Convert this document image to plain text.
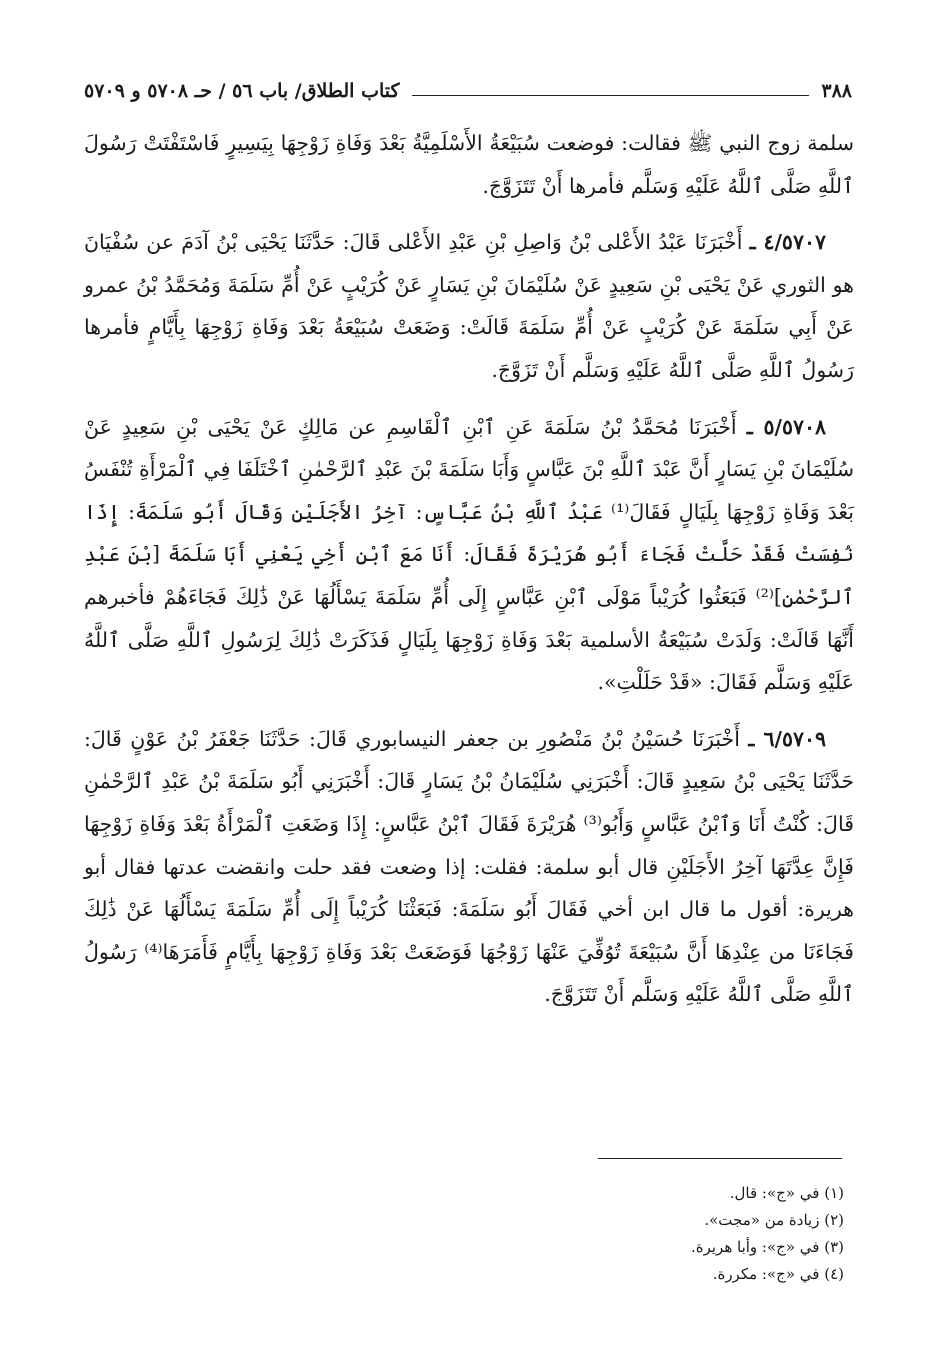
٣٨٨
كتاب الطلاق/ باب ٥٦ / حـ ٥٧٠٨ و ٥٧٠٩

سلمة زوج النبي ﷺ فقالت: فوضعت سُبَيْعَةُ الأَسْلَمِيَّةُ بَعْدَ وَفَاةِ زَوْجِهَا بِيَسِيرٍ فَاسْتَفْتَتْ رَسُولَ ٱللَّهِ صَلَّى ٱللَّهُ عَلَيْهِ وَسَلَّم فأمرها أَنْ تَتَزَوَّجَ.

٤/٥٧٠٧ ـ أَخْبَرَنَا عَبْدُ الأَعْلى بْنُ وَاصِلِ بْنِ عَبْدِ الأَعْلى قَالَ: حَدَّثَنَا يَحْيَى بْنُ آدَمَ عن سُفْيَانَ هو الثوري عَنْ يَحْيَى بْنِ سَعِيدٍ عَنْ سُلَيْمَانَ بْنِ يَسَارٍ عَنْ كُرَيْبٍ عَنْ أُمِّ سَلَمَةَ وَمُحَمَّدُ بْنُ عمرو عَنْ أَبِي سَلَمَةَ عَنْ كُرَيْبٍ عَنْ أُمِّ سَلَمَةَ قَالَتْ: وَضَعَتْ سُبَيْعَةُ بَعْدَ وَفَاةِ زَوْجِهَا بِأَيَّامٍ فأمرها رَسُولُ ٱللَّهِ صَلَّى ٱللَّهُ عَلَيْهِ وَسَلَّم أَنْ تَزَوَّجَ.

٥/٥٧٠٨ ـ أَخْبَرَنَا مُحَمَّدُ بْنُ سَلَمَةَ عَنِ ٱبْنِ ٱلْقَاسِمِ عن مَالِكٍ عَنْ يَحْيَى بْنِ سَعِيدٍ عَنْ سُلَيْمَانَ بْنِ يَسَارٍ أَنَّ عَبْدَ ٱللَّهِ بْنَ عَبَّاسٍ وَأَبَا سَلَمَةَ بْنَ عَبْدِ ٱلرَّحْمٰنِ ٱخْتَلَفَا فِي ٱلْمَرْأَةِ تُنْفَسُ بَعْدَ وَفَاةِ زَوْجِهَا بِلَيَالٍ فَقَالَ⁽¹⁾ عَبْدُ ٱللَّهِ بْنُ عَبَّاسٍ: آخِرُ الأَجَلَيْنِ وَقَالَ أَبُو سَلَمَةَ: إِذَا نُفِسَتْ فَقَدْ حَلَّتْ فَجَاءَ أَبُو هُرَيْرَةَ فَقَالَ: أَنَا مَعَ ٱبْنِ أَخِي يَعْنِي أَبَا سَلَمَةَ [بْنَ عَبْدِ ٱلرَّحْمٰنِ]⁽²⁾ فَبَعَثُوا كُرَيْباً مَوْلَى ٱبْنِ عَبَّاسٍ إِلَى أُمِّ سَلَمَةَ يَسْأَلُهَا عَنْ ذَٰلِكَ فَجَاءَهُمْ فأخبرهم أَنَّهَا قَالَتْ: وَلَدَتْ سُبَيْعَةُ الأسلمية بَعْدَ وَفَاةِ زَوْجِهَا بِلَيَالٍ فَذَكَرَتْ ذَٰلِكَ لِرَسُولِ ٱللَّهِ صَلَّى ٱللَّهُ عَلَيْهِ وَسَلَّم فَقَالَ: «قَدْ حَلَلْتِ».

٦/٥٧٠٩ ـ أَخْبَرَنَا حُسَيْنُ بْنُ مَنْصُورِ بن جعفر النيسابوري قَالَ: حَدَّثَنَا جَعْفَرُ بْنُ عَوْنٍ قَالَ: حَدَّثَنَا يَحْيَى بْنُ سَعِيدٍ قَالَ: أَخْبَرَنِي سُلَيْمَانُ بْنُ يَسَارٍ قَالَ: أَخْبَرَنِي أَبُو سَلَمَةَ بْنُ عَبْدِ ٱلرَّحْمٰنِ قَالَ: كُنْتُ أَنَا وَٱبْنُ عَبَّاسٍ وَأَبُو⁽³⁾ هُرَيْرَةَ فَقَالَ ٱبْنُ عَبَّاسٍ: إِذَا وَضَعَتِ ٱلْمَرْأَةُ بَعْدَ وَفَاةِ زَوْجِهَا فَإِنَّ عِدَّتَهَا آخِرُ الأَجَلَيْنِ قال أبو سلمة: فقلت: إذا وضعت فقد حلت وانقضت عدتها فقال أبو هريرة: أقول ما قال ابن أخي فَقَالَ أَبُو سَلَمَةَ: فَبَعَثْنَا كُرَيْباً إِلَى أُمِّ سَلَمَةَ يَسْأَلُهَا عَنْ ذَٰلِكَ فَجَاءَنَا من عِنْدِهَا أَنَّ سُبَيْعَةَ تُوُفِّيَ عَنْهَا زَوْجُهَا فَوَضَعَتْ بَعْدَ وَفَاةِ زَوْجِهَا بِأَيَّامٍ فَأَمَرَهَا⁽⁴⁾ رَسُولُ ٱللَّهِ صَلَّى ٱللَّهُ عَلَيْهِ وَسَلَّم أَنْ تَتَزَوَّجَ.

(١) في «ج»: قال.
(٢) زيادة من «مجت».
(٣) في «ج»: وأبا هريرة.
(٤) في «ج»: مكررة.
